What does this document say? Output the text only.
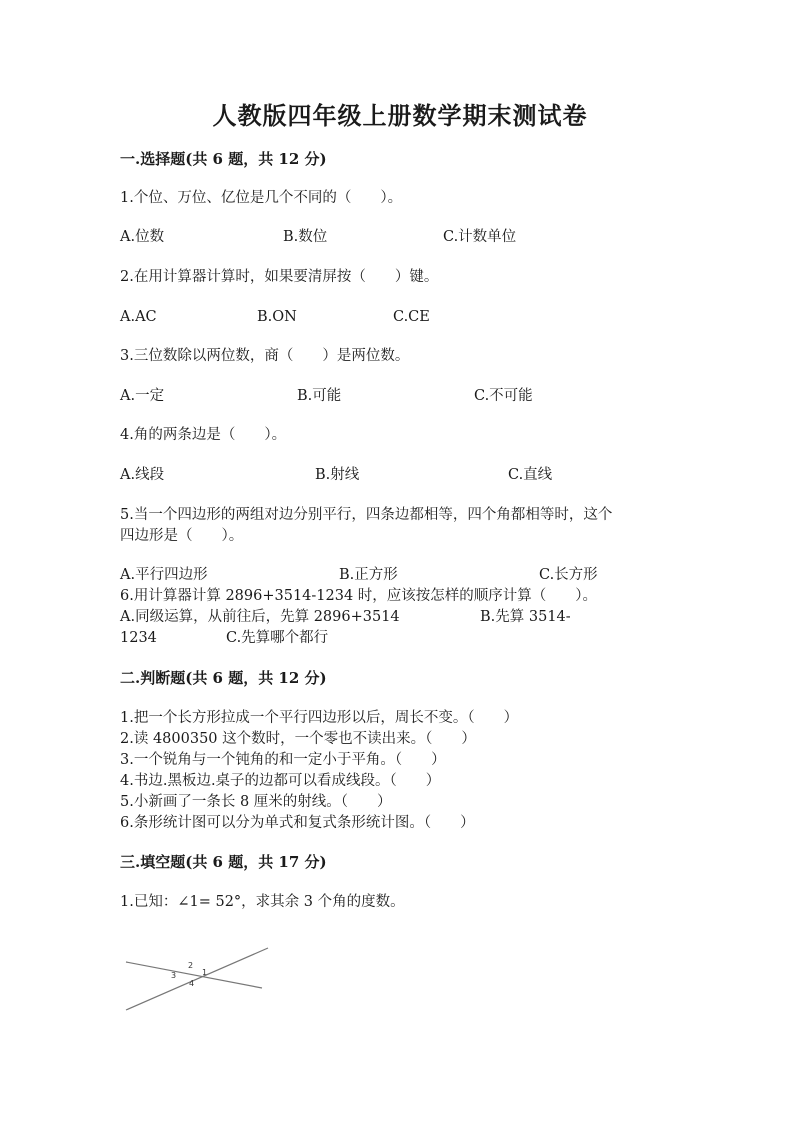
人教版四年级上册数学期末测试卷
一.选择题(共 6 题，共 12 分)
1.个位、万位、亿位是几个不同的（　　）。
A.位数	B.数位	C.计数单位
2.在用计算器计算时，如果要清屏按（　　）键。
A.AC	B.ON	C.CE
3.三位数除以两位数，商（　　）是两位数。
A.一定	B.可能	C.不可能
4.角的两条边是（　　）。
A.线段	B.射线	C.直线
5.当一个四边形的两组对边分别平行，四条边都相等，四个角都相等时，这个
四边形是（　　）。
A.平行四边形	B.正方形	C.长方形
6.用计算器计算 2896+3514-1234 时，应该按怎样的顺序计算（　　）。
A.同级运算，从前往后，先算 2896+3514	B.先算 3514-
1234	C.先算哪个都行
二.判断题(共 6 题，共 12 分)
1.把一个长方形拉成一个平行四边形以后，周长不变。（　　）
2.读 4800350 这个数时，一个零也不读出来。（　　）
3.一个锐角与一个钝角的和一定小于平角。（　　）
4.书边.黑板边.桌子的边都可以看成线段。（　　）
5.小新画了一条长 8 厘米的射线。（　　）
6.条形统计图可以分为单式和复式条形统计图。（　　）
三.填空题(共 6 题，共 17 分)
1.已知：∠1= 52°，求其余 3 个角的度数。
2
1
3
4
